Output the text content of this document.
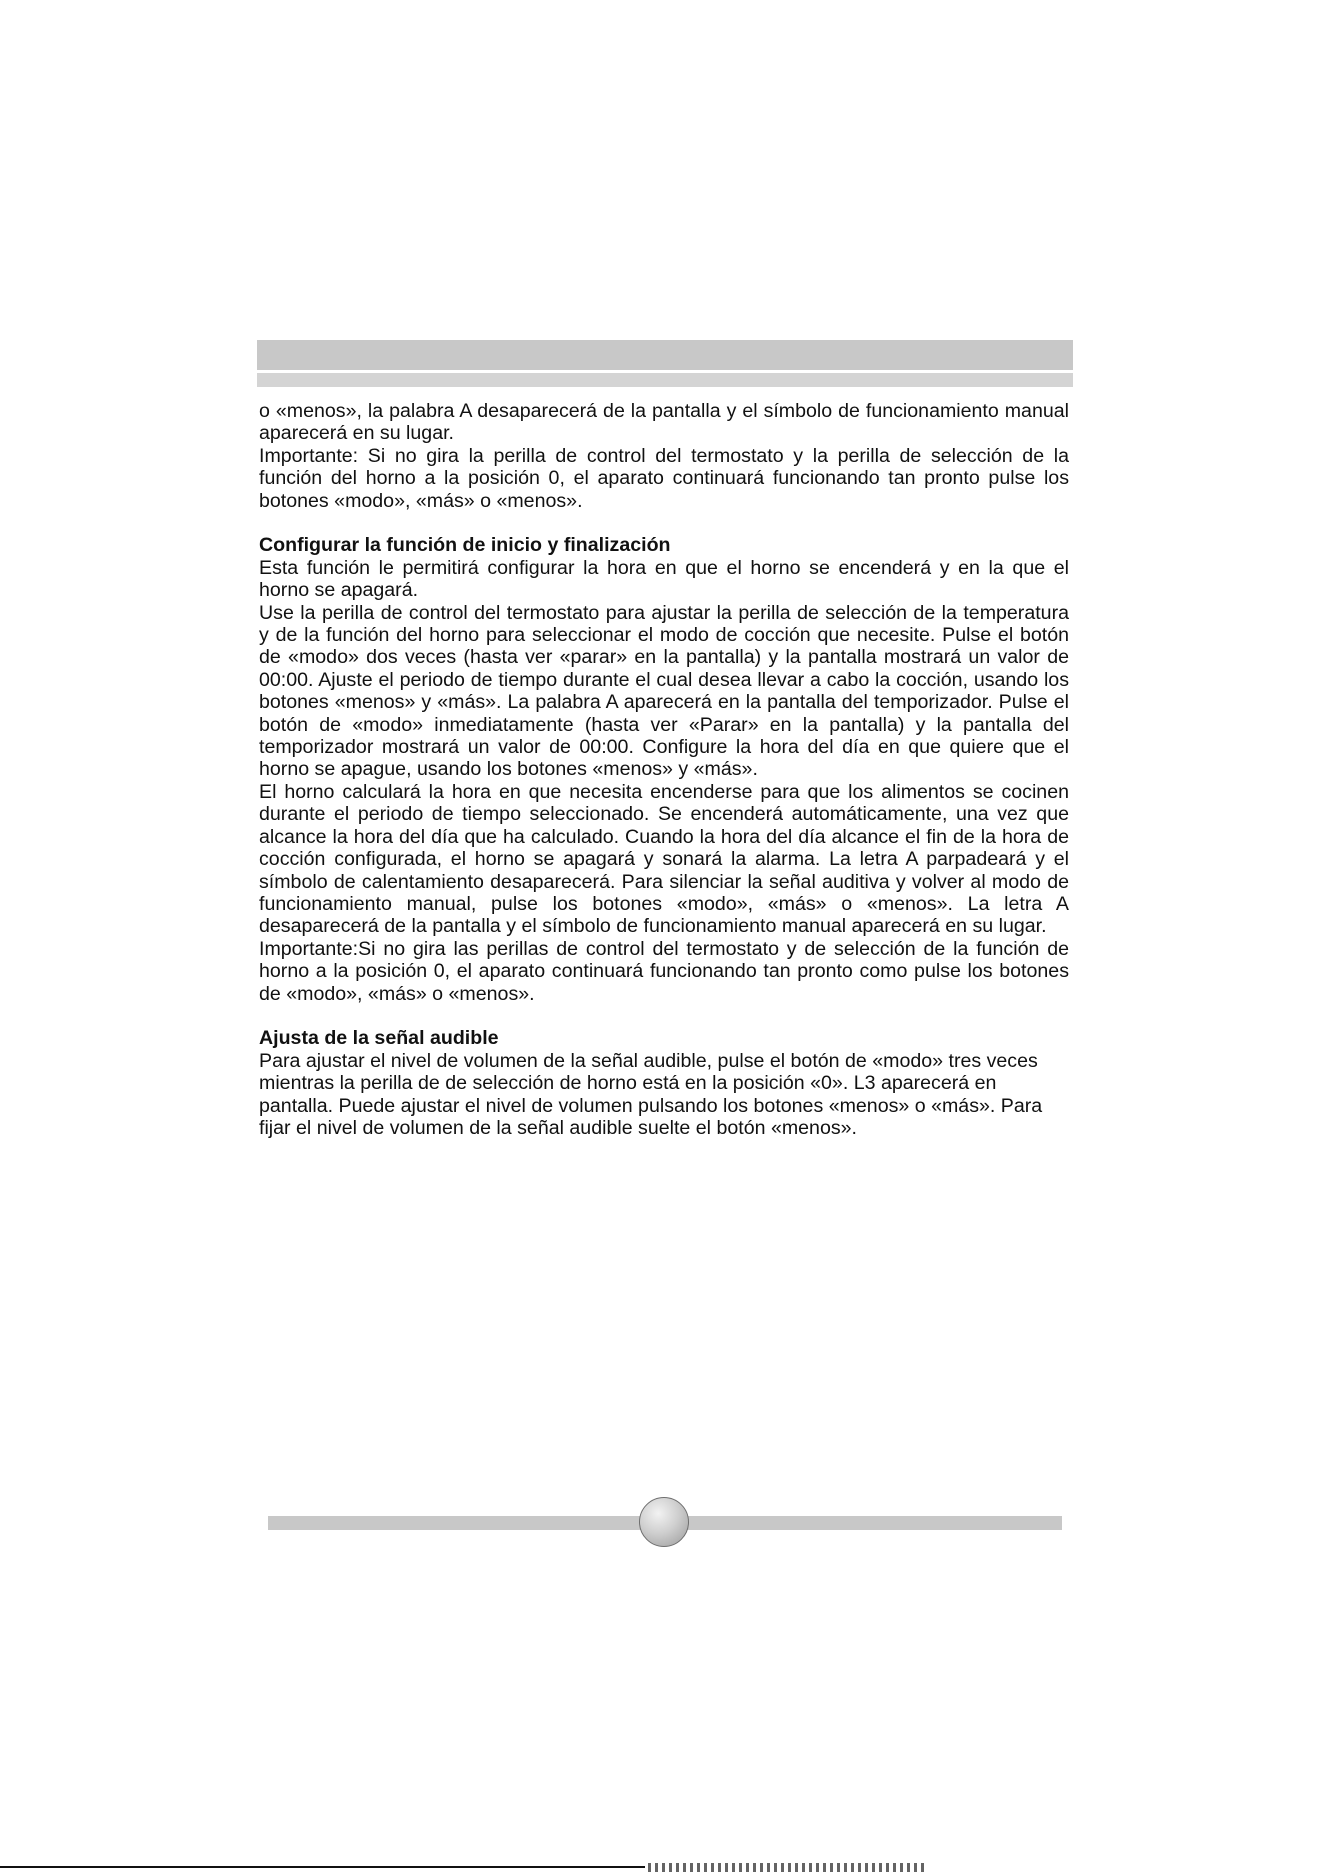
o «menos», la palabra A desaparecerá de la pantalla y el símbolo de funcionamiento manual aparecerá en su lugar.

Importante: Si no gira la perilla de control del termostato y la perilla de selección de la función del horno a la posición 0, el aparato continuará funcionando tan pronto pulse los botones «modo», «más» o «menos».

Configurar la función de inicio y finalización

Esta función le permitirá configurar la hora en que el horno se encenderá y en la que el horno se apagará.

Use la perilla de control del termostato para ajustar la perilla de selección de la temperatura y de la función del horno para seleccionar el modo de cocción que necesite. Pulse el botón de «modo» dos veces (hasta ver «parar» en la pantalla) y la pantalla mostrará un valor de 00:00. Ajuste el periodo de tiempo durante el cual desea llevar a cabo la cocción, usando los botones «menos» y «más». La palabra A aparecerá en la pantalla del temporizador. Pulse el botón de «modo» inmediatamente (hasta ver «Parar» en la pantalla) y la pantalla del temporizador mostrará un valor de 00:00. Configure la hora del día en que quiere que el horno se apague, usando los botones «menos» y «más».

El horno calculará la hora en que necesita encenderse para que los alimentos se cocinen durante el periodo de tiempo seleccionado. Se encenderá automáticamente, una vez que alcance la hora del día que ha calculado. Cuando la hora del día alcance el fin de la hora de cocción configurada, el horno se apagará y sonará la alarma. La letra A parpadeará y el símbolo de calentamiento desaparecerá. Para silenciar la señal auditiva y volver al modo de funcionamiento manual, pulse los botones «modo», «más» o «menos». La letra A desaparecerá de la pantalla y el símbolo de funcionamiento manual aparecerá en su lugar.

Importante:Si no gira las perillas de control del termostato y de selección de la función de horno a la posición 0, el aparato continuará funcionando tan pronto como pulse los botones de «modo», «más» o «menos».

Ajusta de la señal audible

Para ajustar el nivel de volumen de la señal audible, pulse el botón de «modo» tres veces mientras la perilla de de selección de horno está en la posición «0». L3 aparecerá en pantalla. Puede ajustar el nivel de volumen pulsando los botones «menos» o «más». Para fijar el nivel de volumen de la señal audible suelte el botón «menos».
